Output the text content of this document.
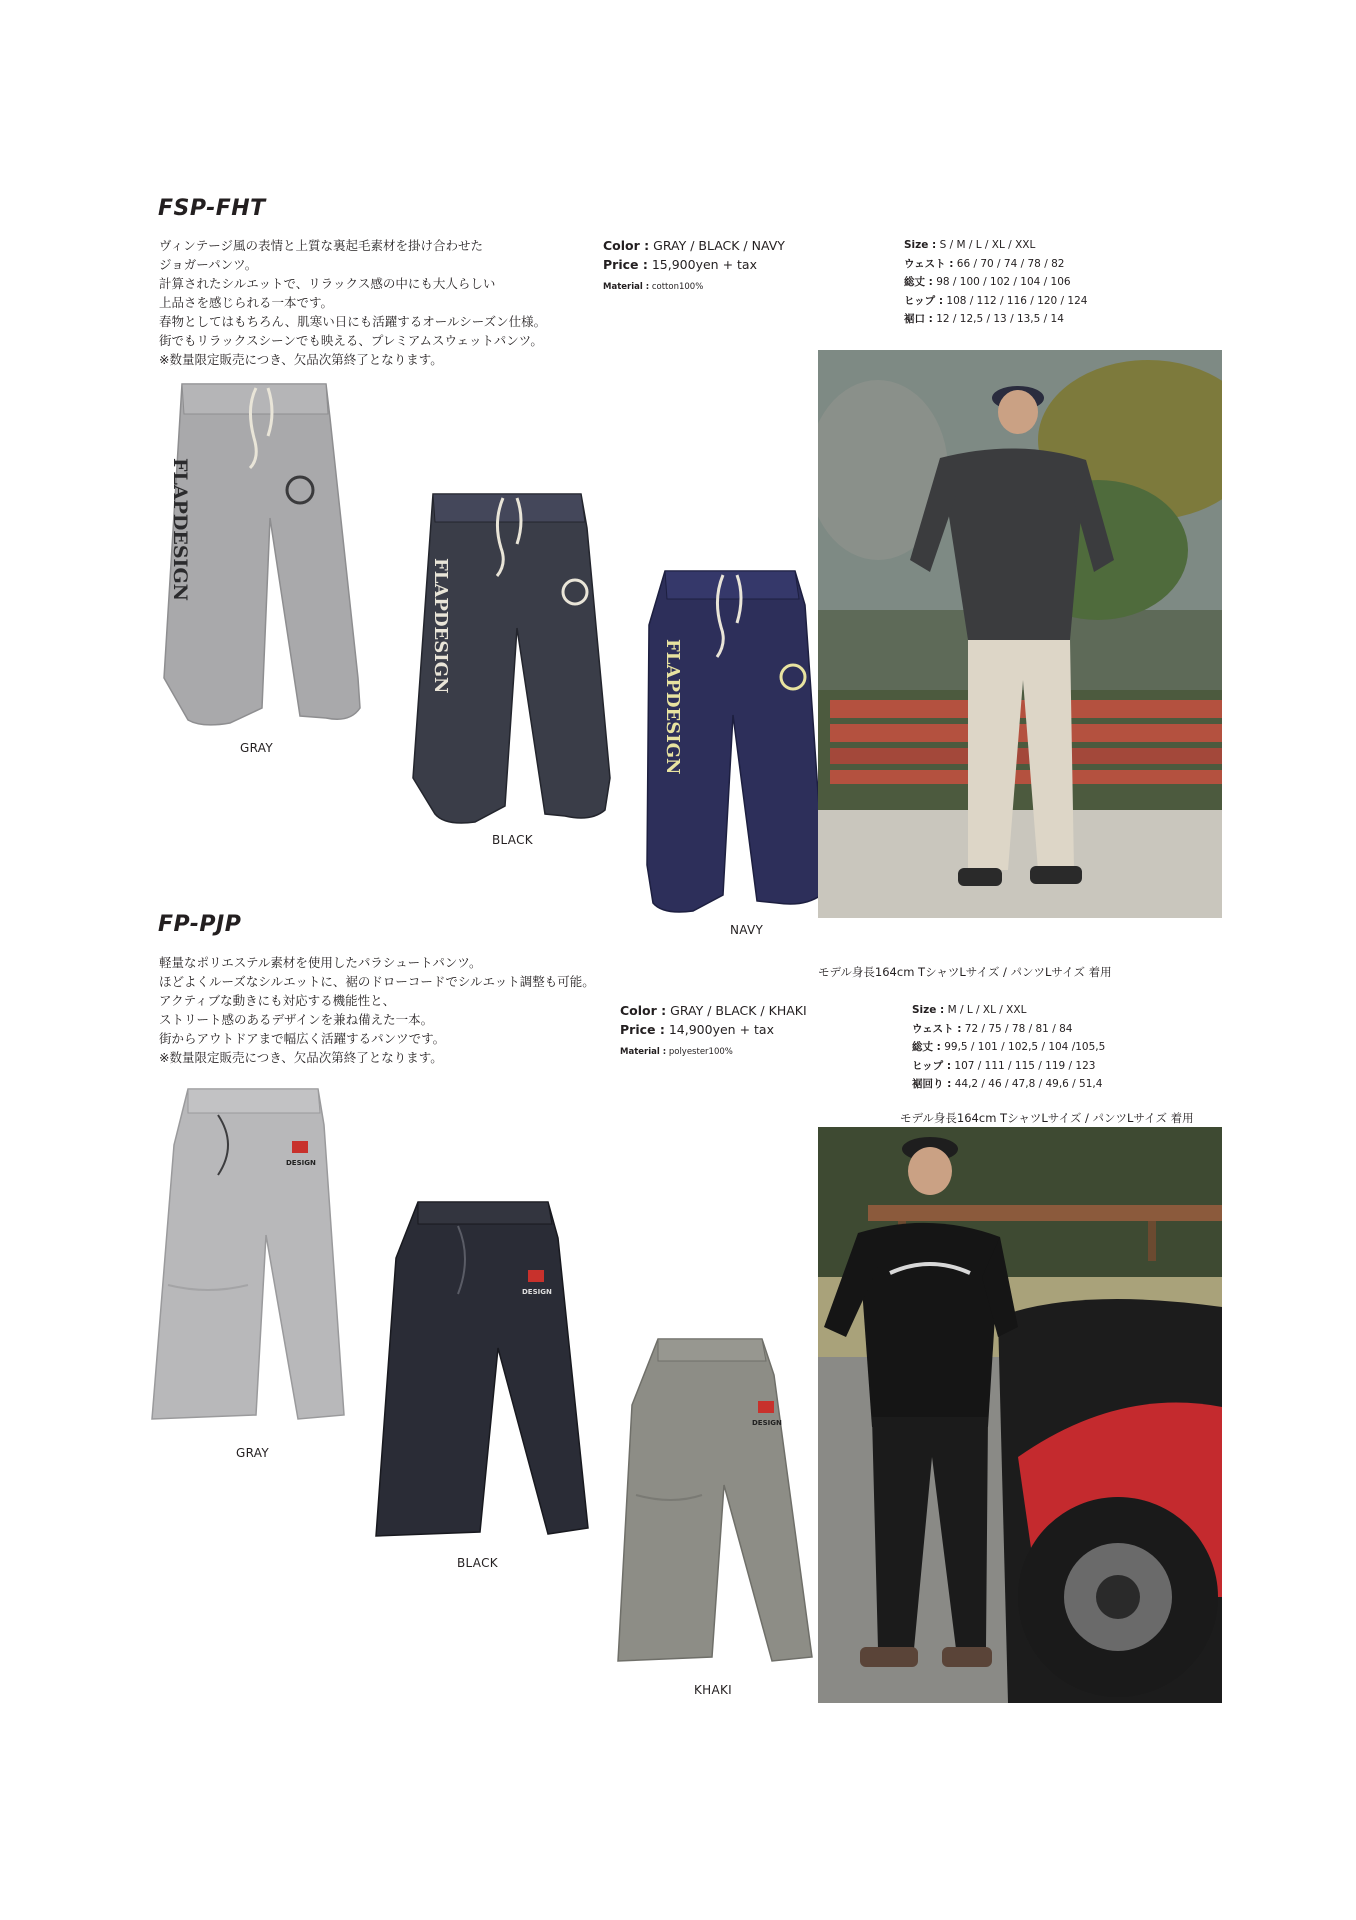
FSP-FHT

ヴィンテージ風の表情と上質な裏起毛素材を掛け合わせた

ジョガーパンツ。

計算されたシルエットで、リラックス感の中にも大人らしい

上品さを感じられる一本です。

春物としてはもちろん、肌寒い日にも活躍するオールシーズン仕様。

街でもリラックスシーンでも映える、プレミアムスウェットパンツ。

※数量限定販売につき、欠品次第終了となります。

Color : GRAY / BLACK / NAVY
Price : 15,900yen + tax
Material : cotton100%
Size : S / M / L / XL / XXL
ウェスト : 66 / 70 / 74 / 78 / 82
総丈 : 98 / 100 / 102 / 104 / 106
ヒップ : 108 / 112 / 116 / 120 / 124
裾口 : 12 / 12,5 / 13 / 13,5 / 14
FLAPDESIGN
GRAY
FLAPDESIGN
BLACK
FLAPDESIGN
NAVY
モデル身長164cm TシャツLサイズ / パンツLサイズ 着用
FP-PJP

軽量なポリエステル素材を使用したパラシュートパンツ。

ほどよくルーズなシルエットに、裾のドローコードでシルエット調整も可能。

アクティブな動きにも対応する機能性と、

ストリート感のあるデザインを兼ね備えた一本。

街からアウトドアまで幅広く活躍するパンツです。

※数量限定販売につき、欠品次第終了となります。

Color : GRAY / BLACK / KHAKI
Price : 14,900yen + tax
Material : polyester100%
Size : M / L / XL / XXL
ウェスト : 72 / 75 / 78 / 81 / 84
総丈 : 99,5 / 101 / 102,5 / 104 /105,5
ヒップ : 107 / 111 / 115 / 119 / 123
裾回り : 44,2 / 46 / 47,8 / 49,6 / 51,4
モデル身長164cm TシャツLサイズ / パンツLサイズ 着用
DESIGN
GRAY
DESIGN
BLACK
DESIGN
KHAKI
